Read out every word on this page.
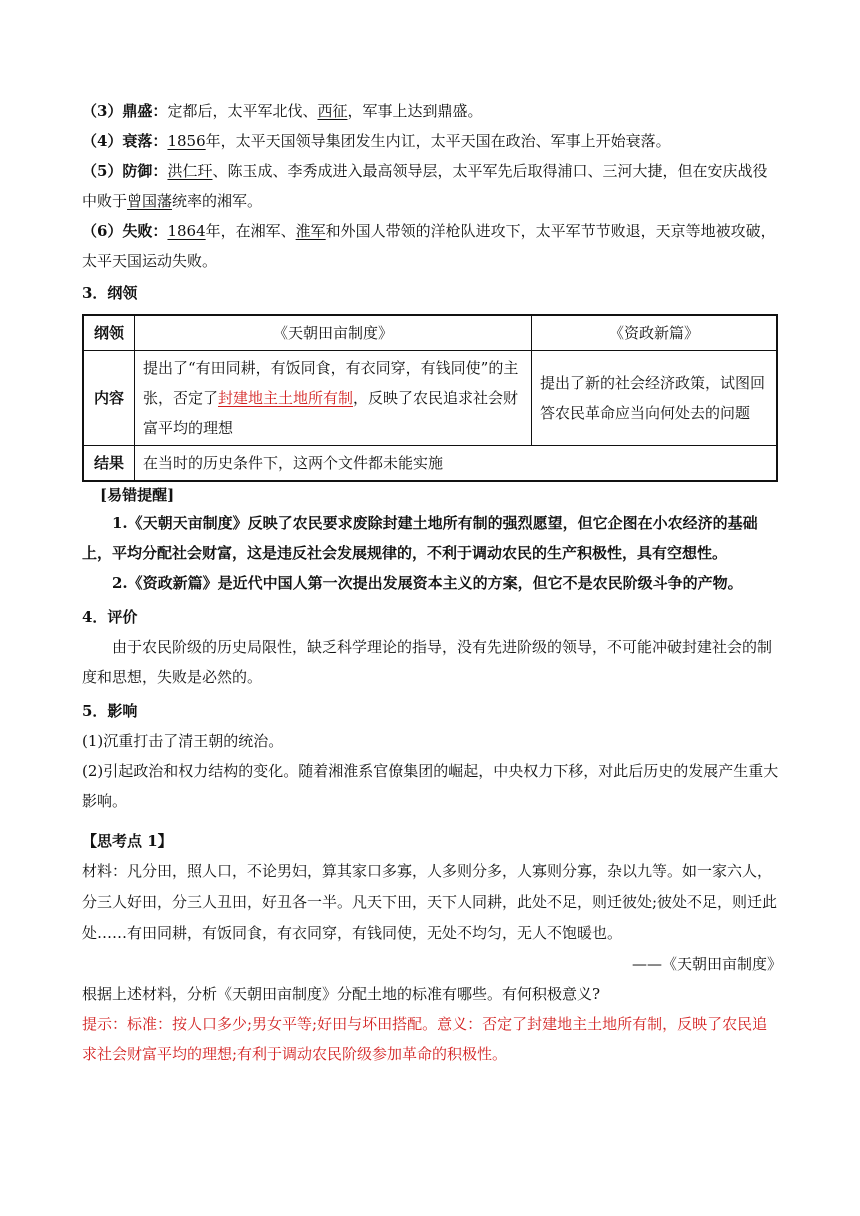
（3）鼎盛：定都后，太平军北伐、西征，军事上达到鼎盛。

（4）衰落：1856年，太平天国领导集团发生内讧，太平天国在政治、军事上开始衰落。

（5）防御：洪仁玕、陈玉成、李秀成进入最高领导层，太平军先后取得浦口、三河大捷，但在安庆战役中败于曾国藩统率的湘军。

（6）失败：1864年，在湘军、淮军和外国人带领的洋枪队进攻下，太平军节节败退，天京等地被攻破，太平天国运动失败。

3．纲领

纲领	《天朝田亩制度》	《资政新篇》
内容	提出了“有田同耕，有饭同食，有衣同穿，有钱同使”的主张，否定了封建地主土地所有制，反映了农民追求社会财富平均的理想	提出了新的社会经济政策，试图回答农民革命应当向何处去的问题
结果	在当时的历史条件下，这两个文件都未能实施	

[易错提醒]

1.《天朝天亩制度》反映了农民要求废除封建土地所有制的强烈愿望，但它企图在小农经济的基础上，平均分配社会财富，这是违反社会发展规律的，不利于调动农民的生产积极性，具有空想性。

2.《资政新篇》是近代中国人第一次提出发展资本主义的方案，但它不是农民阶级斗争的产物。

4．评价

由于农民阶级的历史局限性，缺乏科学理论的指导，没有先进阶级的领导，不可能冲破封建社会的制度和思想，失败是必然的。

5．影响

(1)沉重打击了清王朝的统治。

(2)引起政治和权力结构的变化。随着湘淮系官僚集团的崛起，中央权力下移，对此后历史的发展产生重大影响。

【思考点 1】

材料：凡分田，照人口，不论男妇，算其家口多寡，人多则分多，人寡则分寡，杂以九等。如一家六人，分三人好田，分三人丑田，好丑各一半。凡天下田，天下人同耕，此处不足，则迁彼处;彼处不足，则迁此处……有田同耕，有饭同食，有衣同穿，有钱同使，无处不均匀，无人不饱暖也。

——《天朝田亩制度》

根据上述材料，分析《天朝田亩制度》分配土地的标准有哪些。有何积极意义?

提示：标准：按人口多少;男女平等;好田与坏田搭配。意义：否定了封建地主土地所有制，反映了农民追求社会财富平均的理想;有利于调动农民阶级参加革命的积极性。
